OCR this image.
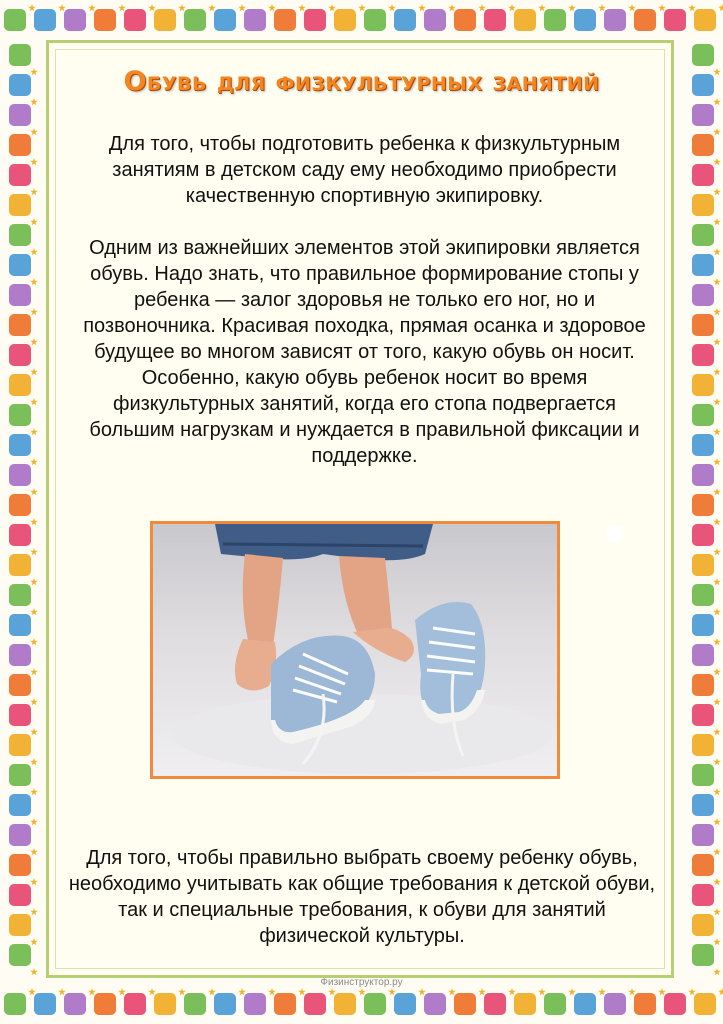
Обувь для физкультурных занятий

Для того, чтобы подготовить ребенка к физкультурным занятиям в детском саду ему необходимо приобрести качественную спортивную экипировку.

Одним из важнейших элементов этой экипировки является обувь. Надо знать, что правильное формирование стопы у ребенка — залог здоровья не только его ног, но и позвоночника. Красивая походка, прямая осанка и здоровое будущее во многом зависят от того, какую обувь он носит. Особенно, какую обувь ребенок носит во время физкультурных занятий, когда его стопа подвергается большим нагрузкам и нуждается в правильной фиксации и поддержке.

Для того, чтобы правильно выбрать своему ребенку обувь, необходимо учитывать как общие требования к детской обуви, так и специальные требования, к обуви для занятий физической культуры.

Физинструктор.ру
